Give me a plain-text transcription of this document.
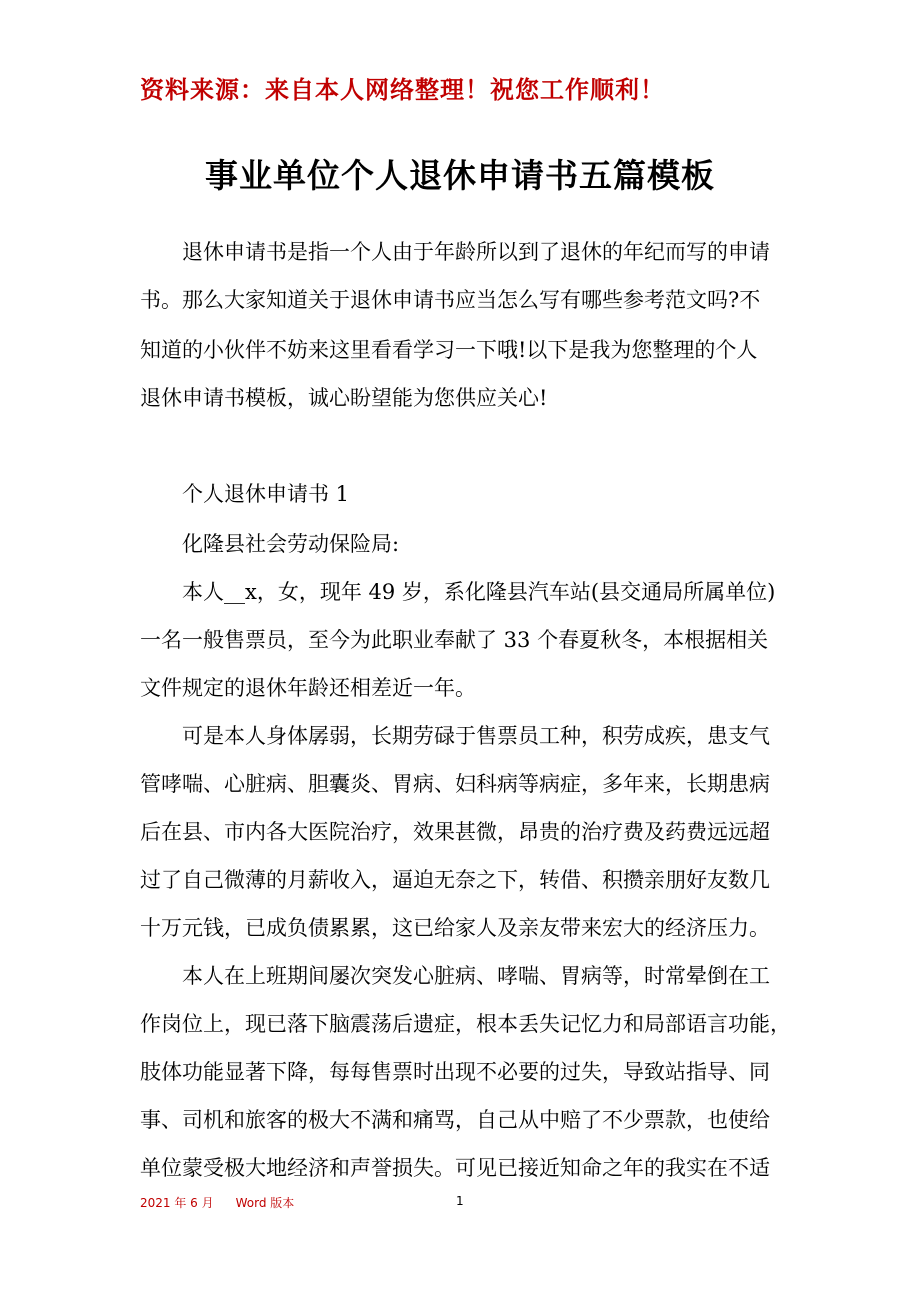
资料来源：来自本人网络整理！祝您工作顺利！
事业单位个人退休申请书五篇模板
　　退休申请书是指一个人由于年龄所以到了退休的年纪而写的申请
书。那么大家知道关于退休申请书应当怎么写有哪些参考范文吗?不
知道的小伙伴不妨来这里看看学习一下哦!以下是我为您整理的个人
退休申请书模板，诚心盼望能为您供应关心!
　　个人退休申请书 1
　　化隆县社会劳动保险局:
　　本人__x，女，现年 49 岁，系化隆县汽车站(县交通局所属单位)
一名一般售票员，至今为此职业奉献了 33 个春夏秋冬，本根据相关
文件规定的退休年龄还相差近一年。
　　可是本人身体孱弱，长期劳碌于售票员工种，积劳成疾，患支气
管哮喘、心脏病、胆囊炎、胃病、妇科病等病症，多年来，长期患病
后在县、市内各大医院治疗，效果甚微，昂贵的治疗费及药费远远超
过了自己微薄的月薪收入，逼迫无奈之下，转借、积攒亲朋好友数几
十万元钱，已成负债累累，这已给家人及亲友带来宏大的经济压力。
　　本人在上班期间屡次突发心脏病、哮喘、胃病等，时常晕倒在工
作岗位上，现已落下脑震荡后遗症，根本丢失记忆力和局部语言功能，
肢体功能显著下降，每每售票时出现不必要的过失，导致站指导、同
事、司机和旅客的极大不满和痛骂，自己从中赔了不少票款，也使给
单位蒙受极大地经济和声誉损失。可见已接近知命之年的我实在不适
2021 年 6 月 Word 版本	1
